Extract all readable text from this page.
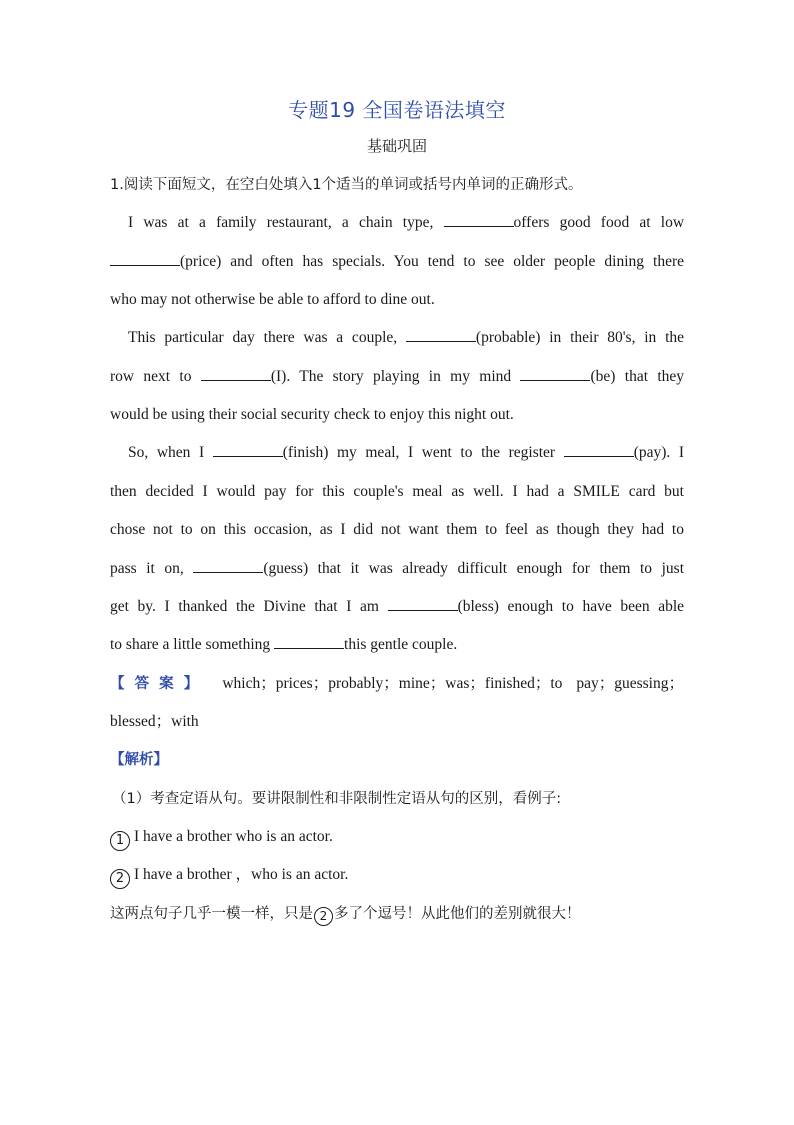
专题19 全国卷语法填空
基础巩固
1.阅读下面短文，在空白处填入1个适当的单词或括号内单词的正确形式。
I was at a family restaurant, a chain type,	offers good food at low
(price) and often has specials. You tend to see older people dining there
who may not otherwise be able to afford to dine out.
This particular day there was a couple,	(probable) in their 80's, in the
row next to	(I). The story playing in my mind	(be) that they
would be using their social security check to enjoy this night out.
So, when I	(finish) my meal, I went to the register	(pay). I
then decided I would pay for this couple's meal as well. I had a SMILE card but
chose not to on this occasion, as I did not want them to feel as though they had to
pass it on,	(guess) that it was already difficult enough for them to just
get by. I thanked the Divine that I am	(bless) enough to have been able
to share a little something	this gentle couple.
【答案】 which；prices；probably；mine；was；finished；to pay；guessing；
blessed；with
【解析】
（1）考查定语从句。要讲限制性和非限制性定语从句的区别，看例子:
1 I have a brother who is an actor.
2 I have a brother ，who is an actor.
这两点句子几乎一模一样，只是 2 多了个逗号！从此他们的差别就很大！
